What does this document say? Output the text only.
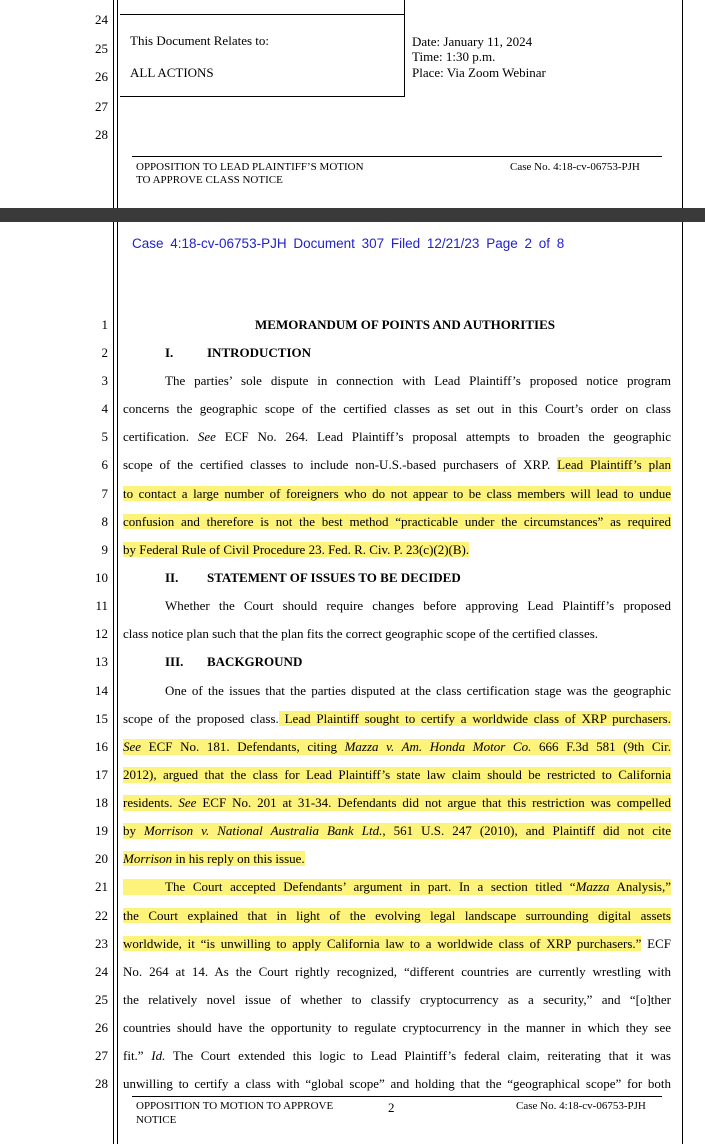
24
25
26
27
28
This Document Relates to:
ALL ACTIONS
Date: January 11, 2024
Time: 1:30 p.m.
Place: Via Zoom Webinar
OPPOSITION TO LEAD PLAINTIFF’S MOTION
TO APPROVE CLASS NOTICE
Case No. 4:18-cv-06753-PJH
Case 4:18-cv-06753-PJH Document 307 Filed 12/21/23 Page 2 of 8
1
2
3
4
5
6
7
8
9
10
11
12
13
14
15
16
17
18
19
20
21
22
23
24
25
26
27
28
MEMORANDUM OF POINTS AND AUTHORITIES
I.	INTRODUCTION
II. STATEMENT OF ISSUES TO BE DECIDED
III. BACKGROUND
The parties’ sole dispute in connection with Lead Plaintiff’s proposed notice program
concerns the geographic scope of the certified classes as set out in this Court’s order on class
certification. See ECF No. 264. Lead Plaintiff’s proposal attempts to broaden the geographic
scope of the certified classes to include non-U.S.-based purchasers of XRP. Lead Plaintiff’s plan
to contact a large number of foreigners who do not appear to be class members will lead to undue
confusion and therefore is not the best method “practicable under the circumstances” as required
by Federal Rule of Civil Procedure 23. Fed. R. Civ. P. 23(c)(2)(B).
Whether the Court should require changes before approving Lead Plaintiff’s proposed
class notice plan such that the plan fits the correct geographic scope of the certified classes.
One of the issues that the parties disputed at the class certification stage was the geographic
scope of the proposed class. Lead Plaintiff sought to certify a worldwide class of XRP purchasers.
See ECF No. 181. Defendants, citing Mazza v. Am. Honda Motor Co. 666 F.3d 581 (9th Cir.
2012), argued that the class for Lead Plaintiff’s state law claim should be restricted to California
residents. See ECF No. 201 at 31-34. Defendants did not argue that this restriction was compelled
by Morrison v. National Australia Bank Ltd., 561 U.S. 247 (2010), and Plaintiff did not cite
Morrison in his reply on this issue.
The Court accepted Defendants’ argument in part. In a section titled “Mazza Analysis,”
the Court explained that in light of the evolving legal landscape surrounding digital assets
worldwide, it “is unwilling to apply California law to a worldwide class of XRP purchasers.” ECF
No. 264 at 14. As the Court rightly recognized, “different countries are currently wrestling with
the relatively novel issue of whether to classify cryptocurrency as a security,” and “[o]ther
countries should have the opportunity to regulate cryptocurrency in the manner in which they see
fit.” Id. The Court extended this logic to Lead Plaintiff’s federal claim, reiterating that it was
unwilling to certify a class with “global scope” and holding that the “geographical scope” for both
OPPOSITION TO MOTION TO APPROVE
NOTICE
2	Case No. 4:18-cv-06753-PJH
